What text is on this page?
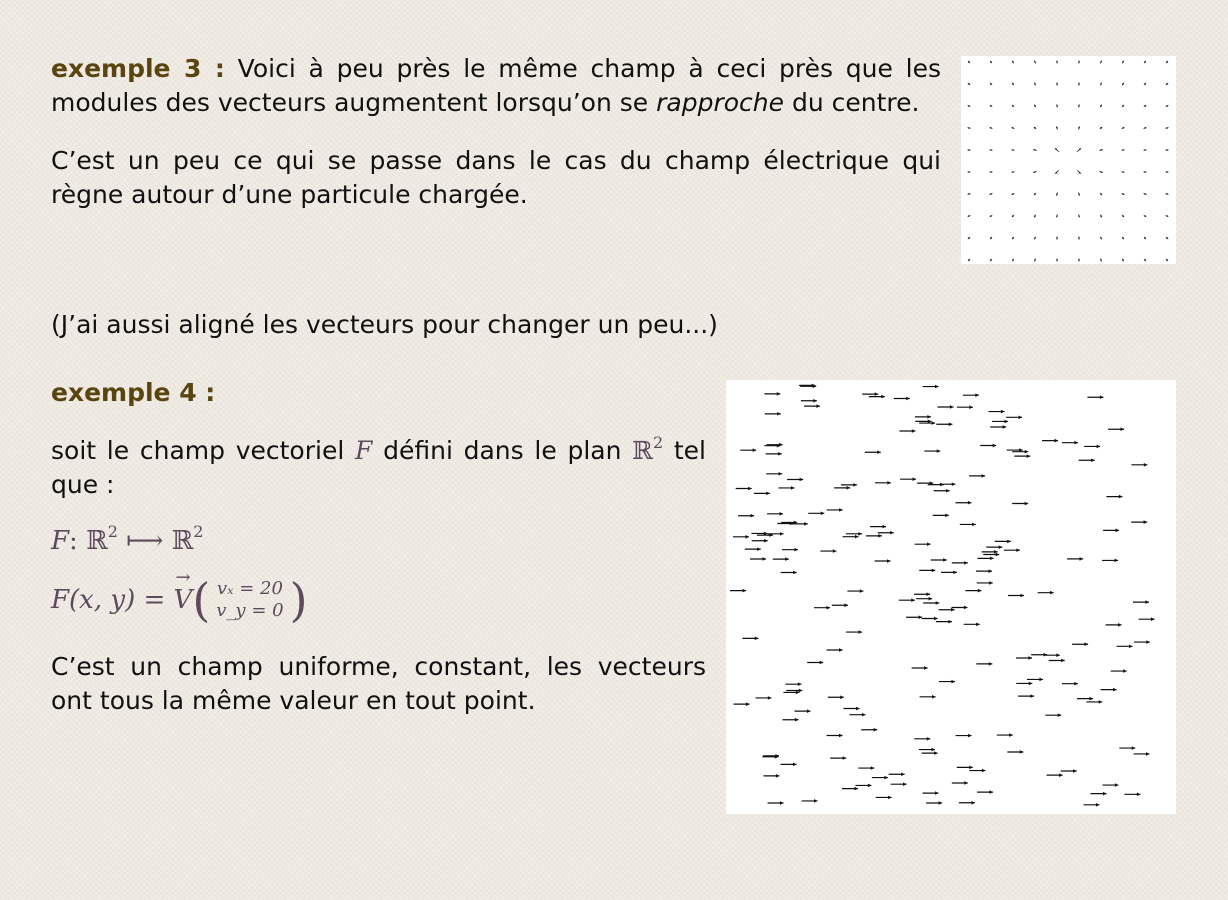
exemple 3 : Voici à peu près le même champ à ceci près que les modules des vecteurs augmentent lorsqu’on se rapproche du centre.

C’est un peu ce qui se passe dans le cas du champ électrique qui règne autour d’une particule chargée.

(J’ai aussi aligné les vecteurs pour changer un peu...)

exemple 4 :

soit le champ vectoriel F défini dans le plan ℝ$^2$ tel que :

F: ℝ$^2$ ⟼ ℝ$^2$
F(x, y) = V
→ ( vₓ = 20
v_y = 0 )

C’est un champ uniforme, constant, les vecteurs ont tous la même valeur en tout point.
